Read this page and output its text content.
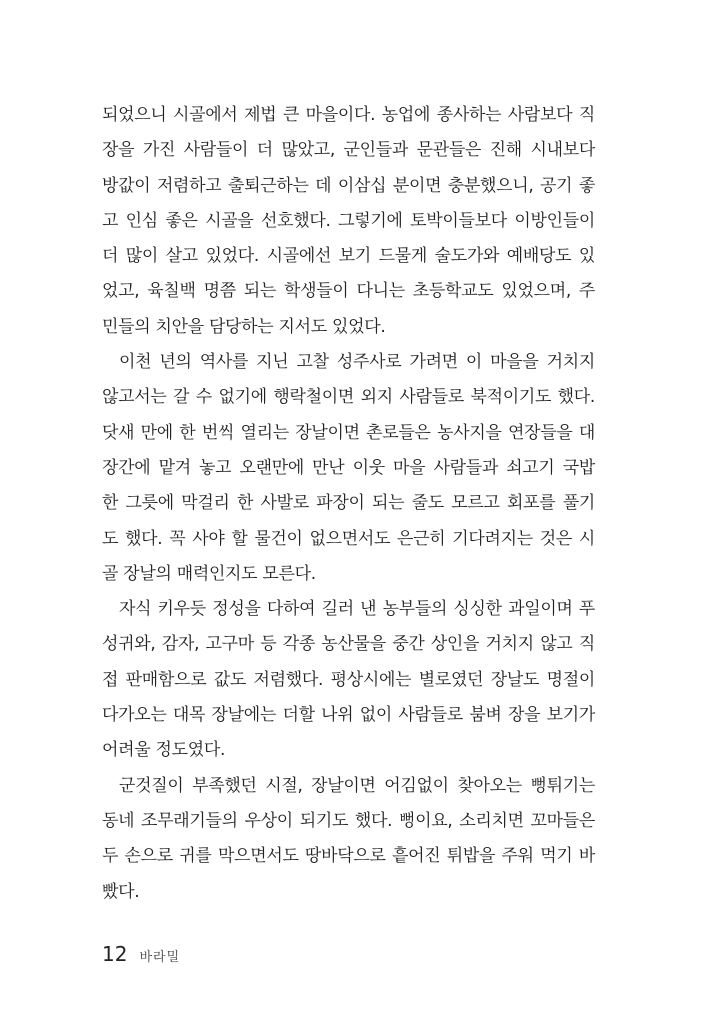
되었으니 시골에서 제법 큰 마을이다. 농업에 종사하는 사람보다 직
장을 가진 사람들이 더 많았고, 군인들과 문관들은 진해 시내보다
방값이 저렴하고 출퇴근하는 데 이삼십 분이면 충분했으니, 공기 좋
고 인심 좋은 시골을 선호했다. 그렇기에 토박이들보다 이방인들이
더 많이 살고 있었다. 시골에선 보기 드물게 술도가와 예배당도 있
었고, 육칠백 명쯤 되는 학생들이 다니는 초등학교도 있었으며, 주
민들의 치안을 담당하는 지서도 있었다.
이천 년의 역사를 지닌 고찰 성주사로 가려면 이 마을을 거치지
않고서는 갈 수 없기에 행락철이면 외지 사람들로 북적이기도 했다.
닷새 만에 한 번씩 열리는 장날이면 촌로들은 농사지을 연장들을 대
장간에 맡겨 놓고 오랜만에 만난 이웃 마을 사람들과 쇠고기 국밥
한 그릇에 막걸리 한 사발로 파장이 되는 줄도 모르고 회포를 풀기
도 했다. 꼭 사야 할 물건이 없으면서도 은근히 기다려지는 것은 시
골 장날의 매력인지도 모른다.
자식 키우듯 정성을 다하여 길러 낸 농부들의 싱싱한 과일이며 푸
성귀와, 감자, 고구마 등 각종 농산물을 중간 상인을 거치지 않고 직
접 판매함으로 값도 저렴했다. 평상시에는 별로였던 장날도 명절이
다가오는 대목 장날에는 더할 나위 없이 사람들로 붐벼 장을 보기가
어려울 정도였다.
군것질이 부족했던 시절, 장날이면 어김없이 찾아오는 뻥튀기는
동네 조무래기들의 우상이 되기도 했다. 뻥이요, 소리치면 꼬마들은
두 손으로 귀를 막으면서도 땅바닥으로 흩어진 튀밥을 주워 먹기 바
빴다.
12 바라밀
